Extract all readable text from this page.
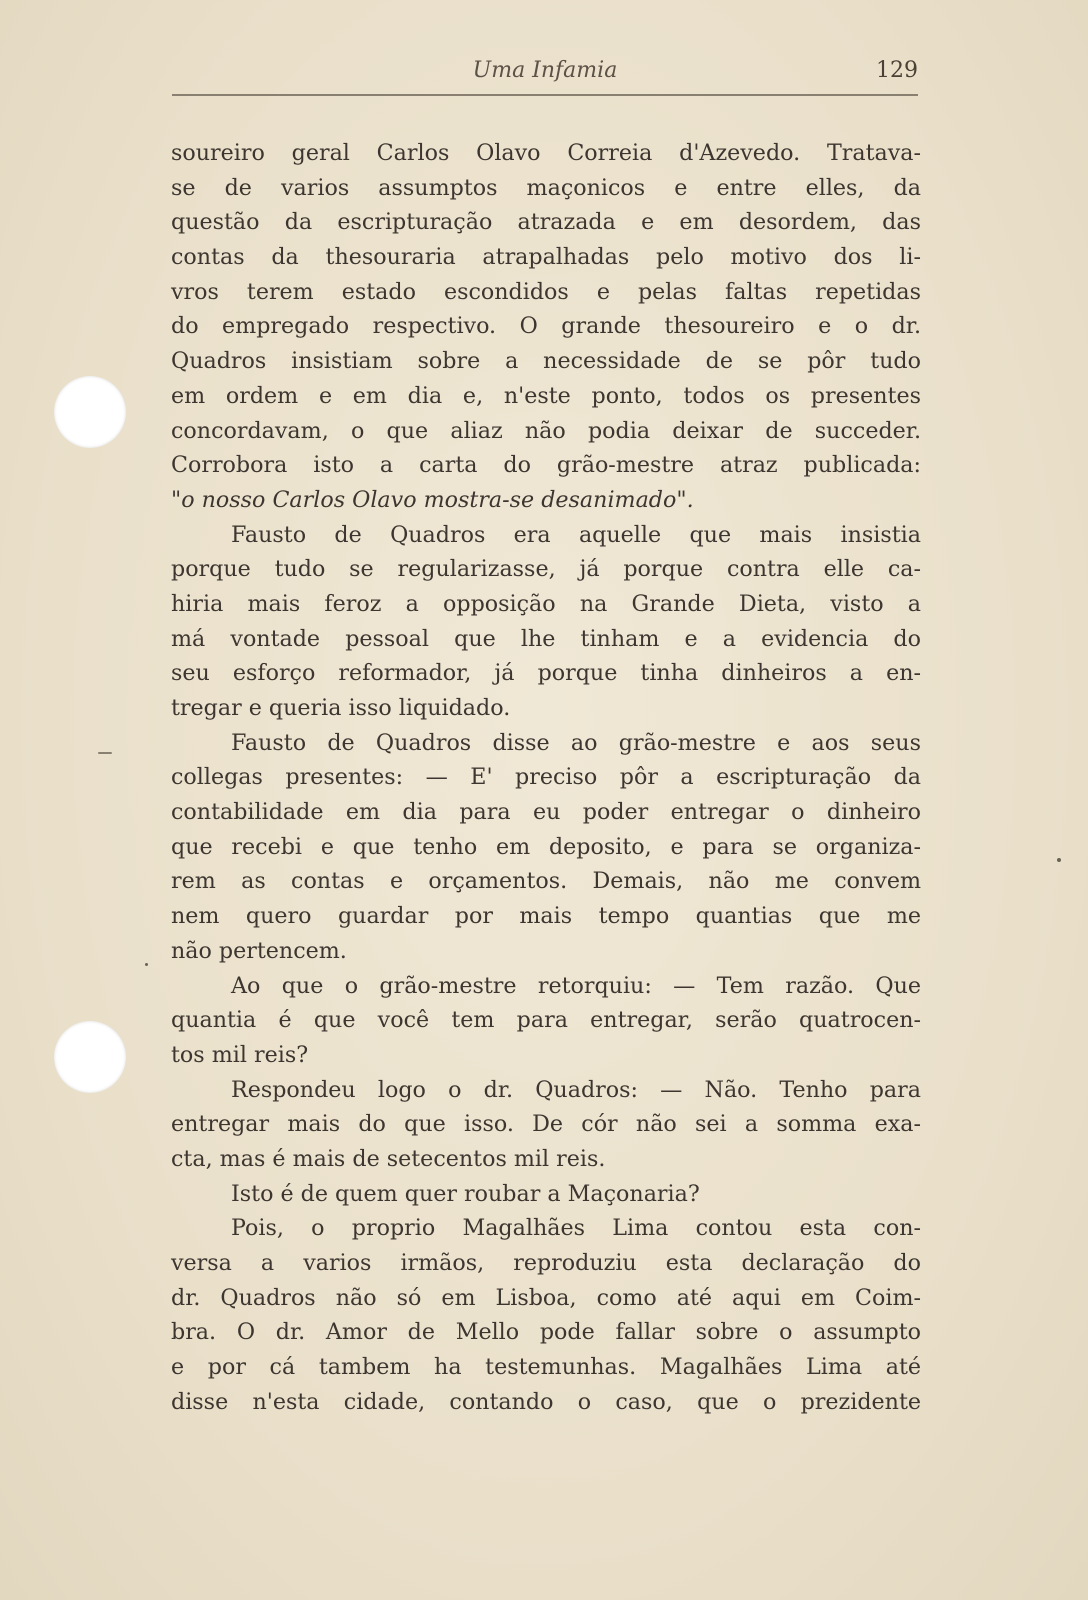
Uma Infamia	129
soureiro geral Carlos Olavo Correia d'Azevedo. Tratava-
se de varios assumptos maçonicos e entre elles, da
questão da escripturação atrazada e em desordem, das
contas da thesouraria atrapalhadas pelo motivo dos li-
vros terem estado escondidos e pelas faltas repetidas
do empregado respectivo. O grande thesoureiro e o dr.
Quadros insistiam sobre a necessidade de se pôr tudo
em ordem e em dia e, n'este ponto, todos os presentes
concordavam, o que aliaz não podia deixar de succeder.
Corrobora isto a carta do grão-mestre atraz publicada:
"o nosso Carlos Olavo mostra-se desanimado".
Fausto de Quadros era aquelle que mais insistia
porque tudo se regularizasse, já porque contra elle ca-
hiria mais feroz a opposição na Grande Dieta, visto a
má vontade pessoal que lhe tinham e a evidencia do
seu esforço reformador, já porque tinha dinheiros a en-
tregar e queria isso liquidado.
Fausto de Quadros disse ao grão-mestre e aos seus
collegas presentes: — E' preciso pôr a escripturação da
contabilidade em dia para eu poder entregar o dinheiro
que recebi e que tenho em deposito, e para se organiza-
rem as contas e orçamentos. Demais, não me convem
nem quero guardar por mais tempo quantias que me
não pertencem.
Ao que o grão-mestre retorquiu: — Tem razão. Que
quantia é que você tem para entregar, serão quatrocen-
tos mil reis?
Respondeu logo o dr. Quadros: — Não. Tenho para
entregar mais do que isso. De cór não sei a somma exa-
cta, mas é mais de setecentos mil reis.
Isto é de quem quer roubar a Maçonaria?
Pois, o proprio Magalhães Lima contou esta con-
versa a varios irmãos, reproduziu esta declaração do
dr. Quadros não só em Lisboa, como até aqui em Coim-
bra. O dr. Amor de Mello pode fallar sobre o assumpto
e por cá tambem ha testemunhas. Magalhães Lima até
disse n'esta cidade, contando o caso, que o prezidente
